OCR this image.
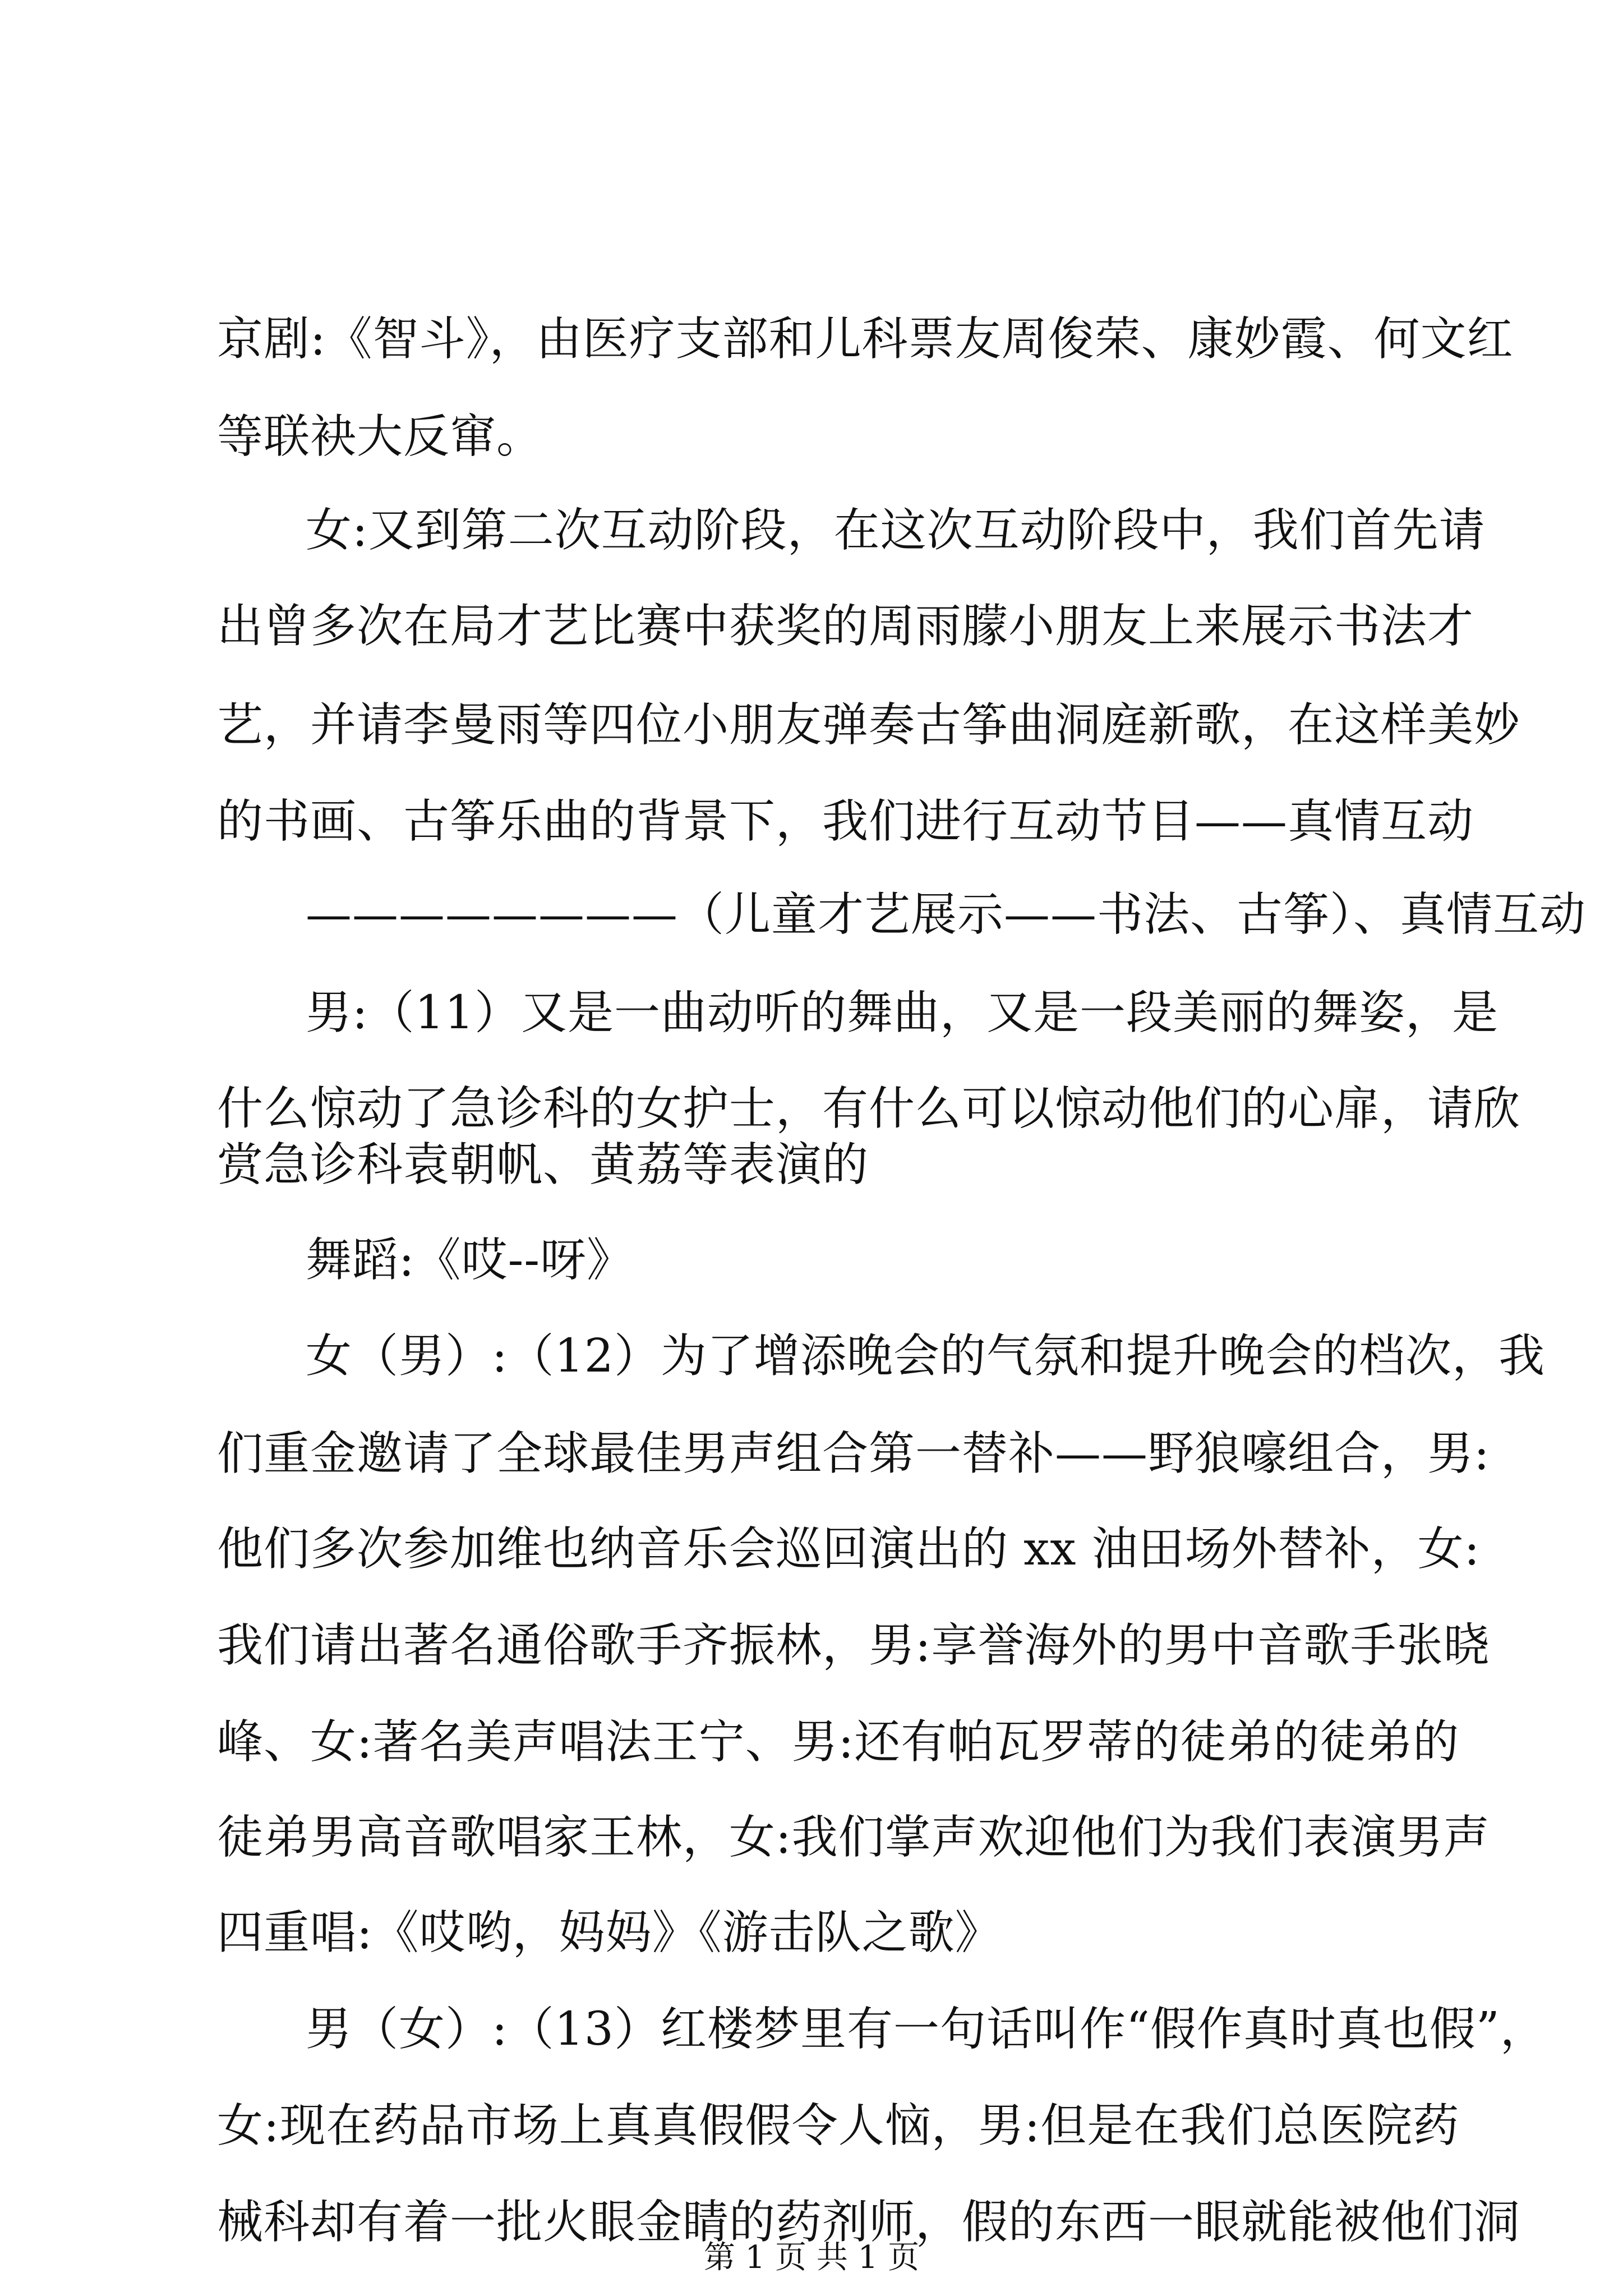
京剧:《智斗》，由医疗支部和儿科票友周俊荣、康妙霞、何文红
等联袂大反窜。
女:又到第二次互动阶段，在这次互动阶段中，我们首先请
出曾多次在局才艺比赛中获奖的周雨朦小朋友上来展示书法才
艺，并请李曼雨等四位小朋友弹奏古筝曲洞庭新歌，在这样美妙
的书画、古筝乐曲的背景下，我们进行互动节目——真情互动
————————（儿童才艺展示——书法、古筝）、真情互动
男:（11）又是一曲动听的舞曲，又是一段美丽的舞姿，是
什么惊动了急诊科的女护士，有什么可以惊动他们的心扉，请欣
赏急诊科袁朝帆、黄荔等表演的
舞蹈:《哎--呀》
女（男）:（12）为了增添晚会的气氛和提升晚会的档次，我
们重金邀请了全球最佳男声组合第一替补——野狼嚎组合，男:
他们多次参加维也纳音乐会巡回演出的 xx 油田场外替补，女:
我们请出著名通俗歌手齐振林，男:享誉海外的男中音歌手张晓
峰、女:著名美声唱法王宁、男:还有帕瓦罗蒂的徒弟的徒弟的
徒弟男高音歌唱家王林，女:我们掌声欢迎他们为我们表演男声
四重唱:《哎哟，妈妈》《游击队之歌》
男（女）:（13）红楼梦里有一句话叫作“假作真时真也假”，
女:现在药品市场上真真假假令人恼，男:但是在我们总医院药
械科却有着一批火眼金睛的药剂师，假的东西一眼就能被他们洞
第 1 页 共 1 页
